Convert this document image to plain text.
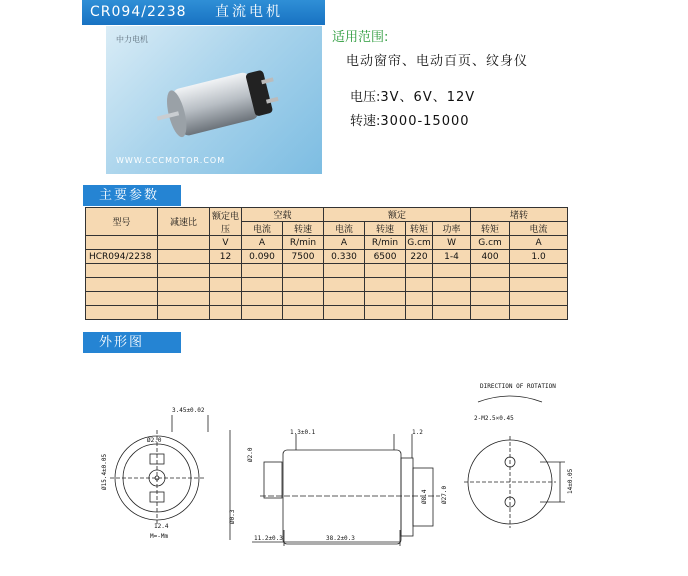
CR094/2238 直流电机
中力电机
WWW.CCCMOTOR.COM
适用范围:
电动窗帘、电动百页、纹身仪
电压:3V、6V、12V
转速:3000-15000
主要参数
型号	减速比	额定电压	空载		额定				堵转	
			电流	转速	电流	转速	转矩	功率	转矩	电流
		V	A	R/min	A	R/min	G.cm	W	G.cm	A
HCR094/2238		12	0.090	7500	0.330	6500	220	1-4	400	1.0

外形图
3.45±0.02
Ø15.4±0.05
Ø2.0
12.4
M=-Mm
1.3±0.1	1.2
Ø2.0
Ø27.0
Ø8.4
38.2±0.3
11.2±0.3
Ø0.3
DIRECTION OF ROTATION
2-M2.5×0.45
14±0.05
